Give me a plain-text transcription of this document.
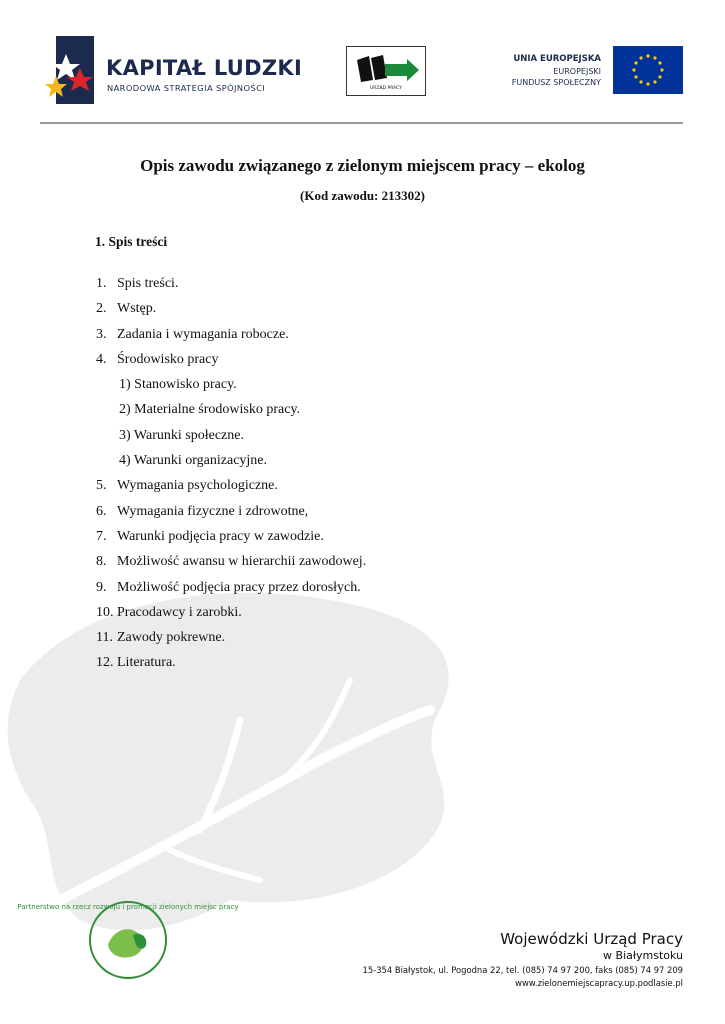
KAPITAŁ LUDZKI
NARODOWA STRATEGIA SPÓJNOŚCI	URZĄD PRACY
UNIA EUROPEJSKA
EUROPEJSKI
FUNDUSZ SPOŁECZNY
Opis zawodu związanego z zielonym miejscem pracy – ekolog
(Kod zawodu: 213302)
1. Spis treści
1. Spis treści.
2. Wstęp.
3. Zadania i wymagania robocze.
4. Środowisko pracy
1) Stanowisko pracy.
2) Materialne środowisko pracy.
3) Warunki społeczne.
4) Warunki organizacyjne.
5. Wymagania psychologiczne.
6. Wymagania fizyczne i zdrowotne,
7. Warunki podjęcia pracy w zawodzie.
8. Możliwość awansu w hierarchii zawodowej.
9. Możliwość podjęcia pracy przez dorosłych.
10. Pracodawcy i zarobki.
11. Zawody pokrewne.
12. Literatura.
Partnerstwo na rzecz rozwoju i promocji zielonych miejsc pracy
Wojewódzki Urząd Pracy
w Białymstoku
15-354 Białystok, ul. Pogodna 22, tel. (085) 74 97 200, faks (085) 74 97 209
www.zielonemiejscapracy.up.podlasie.pl
